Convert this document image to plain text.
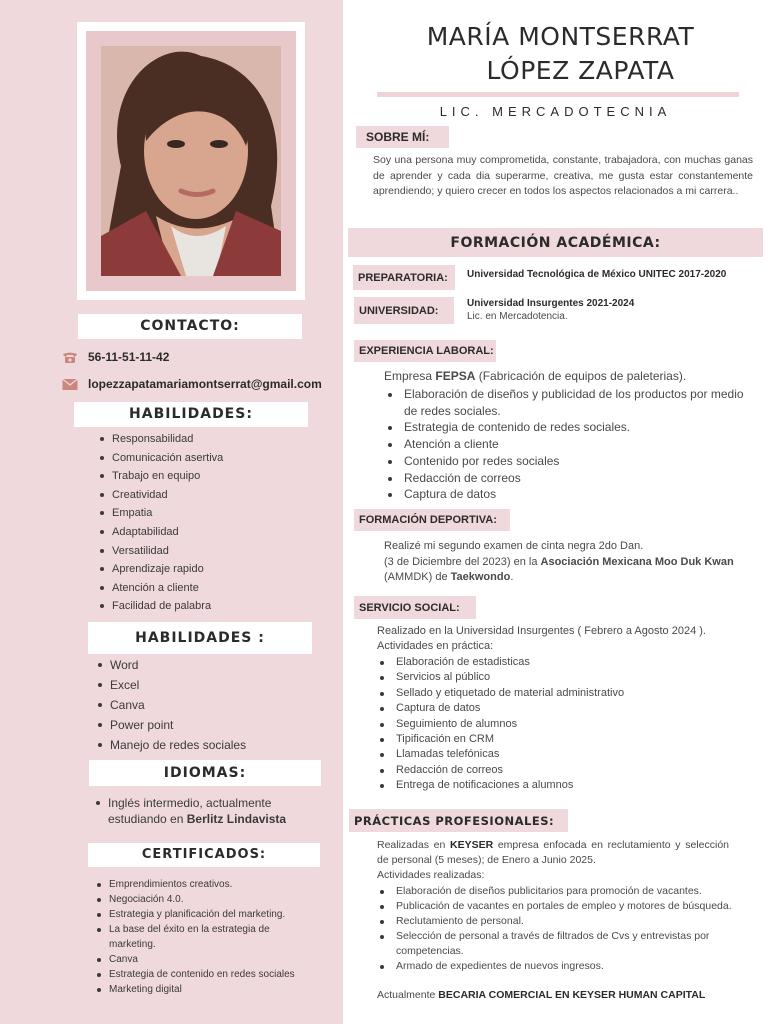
CONTACTO:
56-11-51-11-42
lopezzapatamariamontserrat@gmail.com
HABILIDADES:
Responsabilidad
Comunicación asertiva
Trabajo en equipo
Creatividad
Empatia
Adaptabilidad
Versatilidad
Aprendizaje rapido
Atención a cliente
Facilidad de palabra
HABILIDADES :
Word
Excel
Canva
Power point
Manejo de redes sociales
IDIOMAS:
Inglés intermedio, actualmente estudiando en Berlitz Lindavista
CERTIFICADOS:
Emprendimientos creativos.
Negociación 4.0.
Estrategia y planificación del marketing.
La base del éxito en la estrategia de marketing.
Canva
Estrategia de contenido en redes sociales
Marketing digital
MARÍA MONTSERRAT
LÓPEZ ZAPATA
LIC. MERCADOTECNIA
SOBRE MÍ:
Soy una persona muy comprometida, constante, trabajadora, con muchas ganas de aprender y cada dia superarme, creativa, me gusta estar constantemente aprendiendo; y quiero crecer en todos los aspectos relacionados a mi carrera..
FORMACIÓN ACADÉMICA:
PREPARATORIA:	Universidad Tecnológica de México UNITEC 2017-2020
UNIVERSIDAD:
Universidad Insurgentes 2021-2024
Lic. en Mercadotencia.
EXPERIENCIA LABORAL:
Empresa FEPSA (Fabricación de equipos de paleterias).
Elaboración de diseños y publicidad de los productos por medio de redes sociales.
Estrategia de contenido de redes sociales.
Atención a cliente
Contenido por redes sociales
Redacción de correos
Captura de datos
FORMACIÓN DEPORTIVA:
Realizé mi segundo examen de cinta negra 2do Dan.
(3 de Diciembre del 2023) en la Asociación Mexicana Moo Duk Kwan (AMMDK) de Taekwondo.
SERVICIO SOCIAL:
Realizado en la Universidad Insurgentes ( Febrero a Agosto 2024 ).
Actividades en práctica:
Elaboración de estadisticas
Servicios al público
Sellado y etiquetado de material administrativo
Captura de datos
Seguimiento de alumnos
Tipificación en CRM
Llamadas telefónicas
Redacción de correos
Entrega de notificaciones a alumnos
PRÁCTICAS PROFESIONALES:
Realizadas en KEYSER empresa enfocada en reclutamiento y selección de personal (5 meses); de Enero a Junio 2025.
Actividades realizadas:
Elaboración de diseños publicitarios para promoción de vacantes.
Publicación de vacantes en portales de empleo y motores de búsqueda.
Reclutamiento de personal.
Selección de personal a través de filtrados de Cvs y entrevistas por competencias.
Armado de expedientes de nuevos ingresos.
Actualmente BECARIA COMERCIAL EN KEYSER HUMAN CAPITAL
